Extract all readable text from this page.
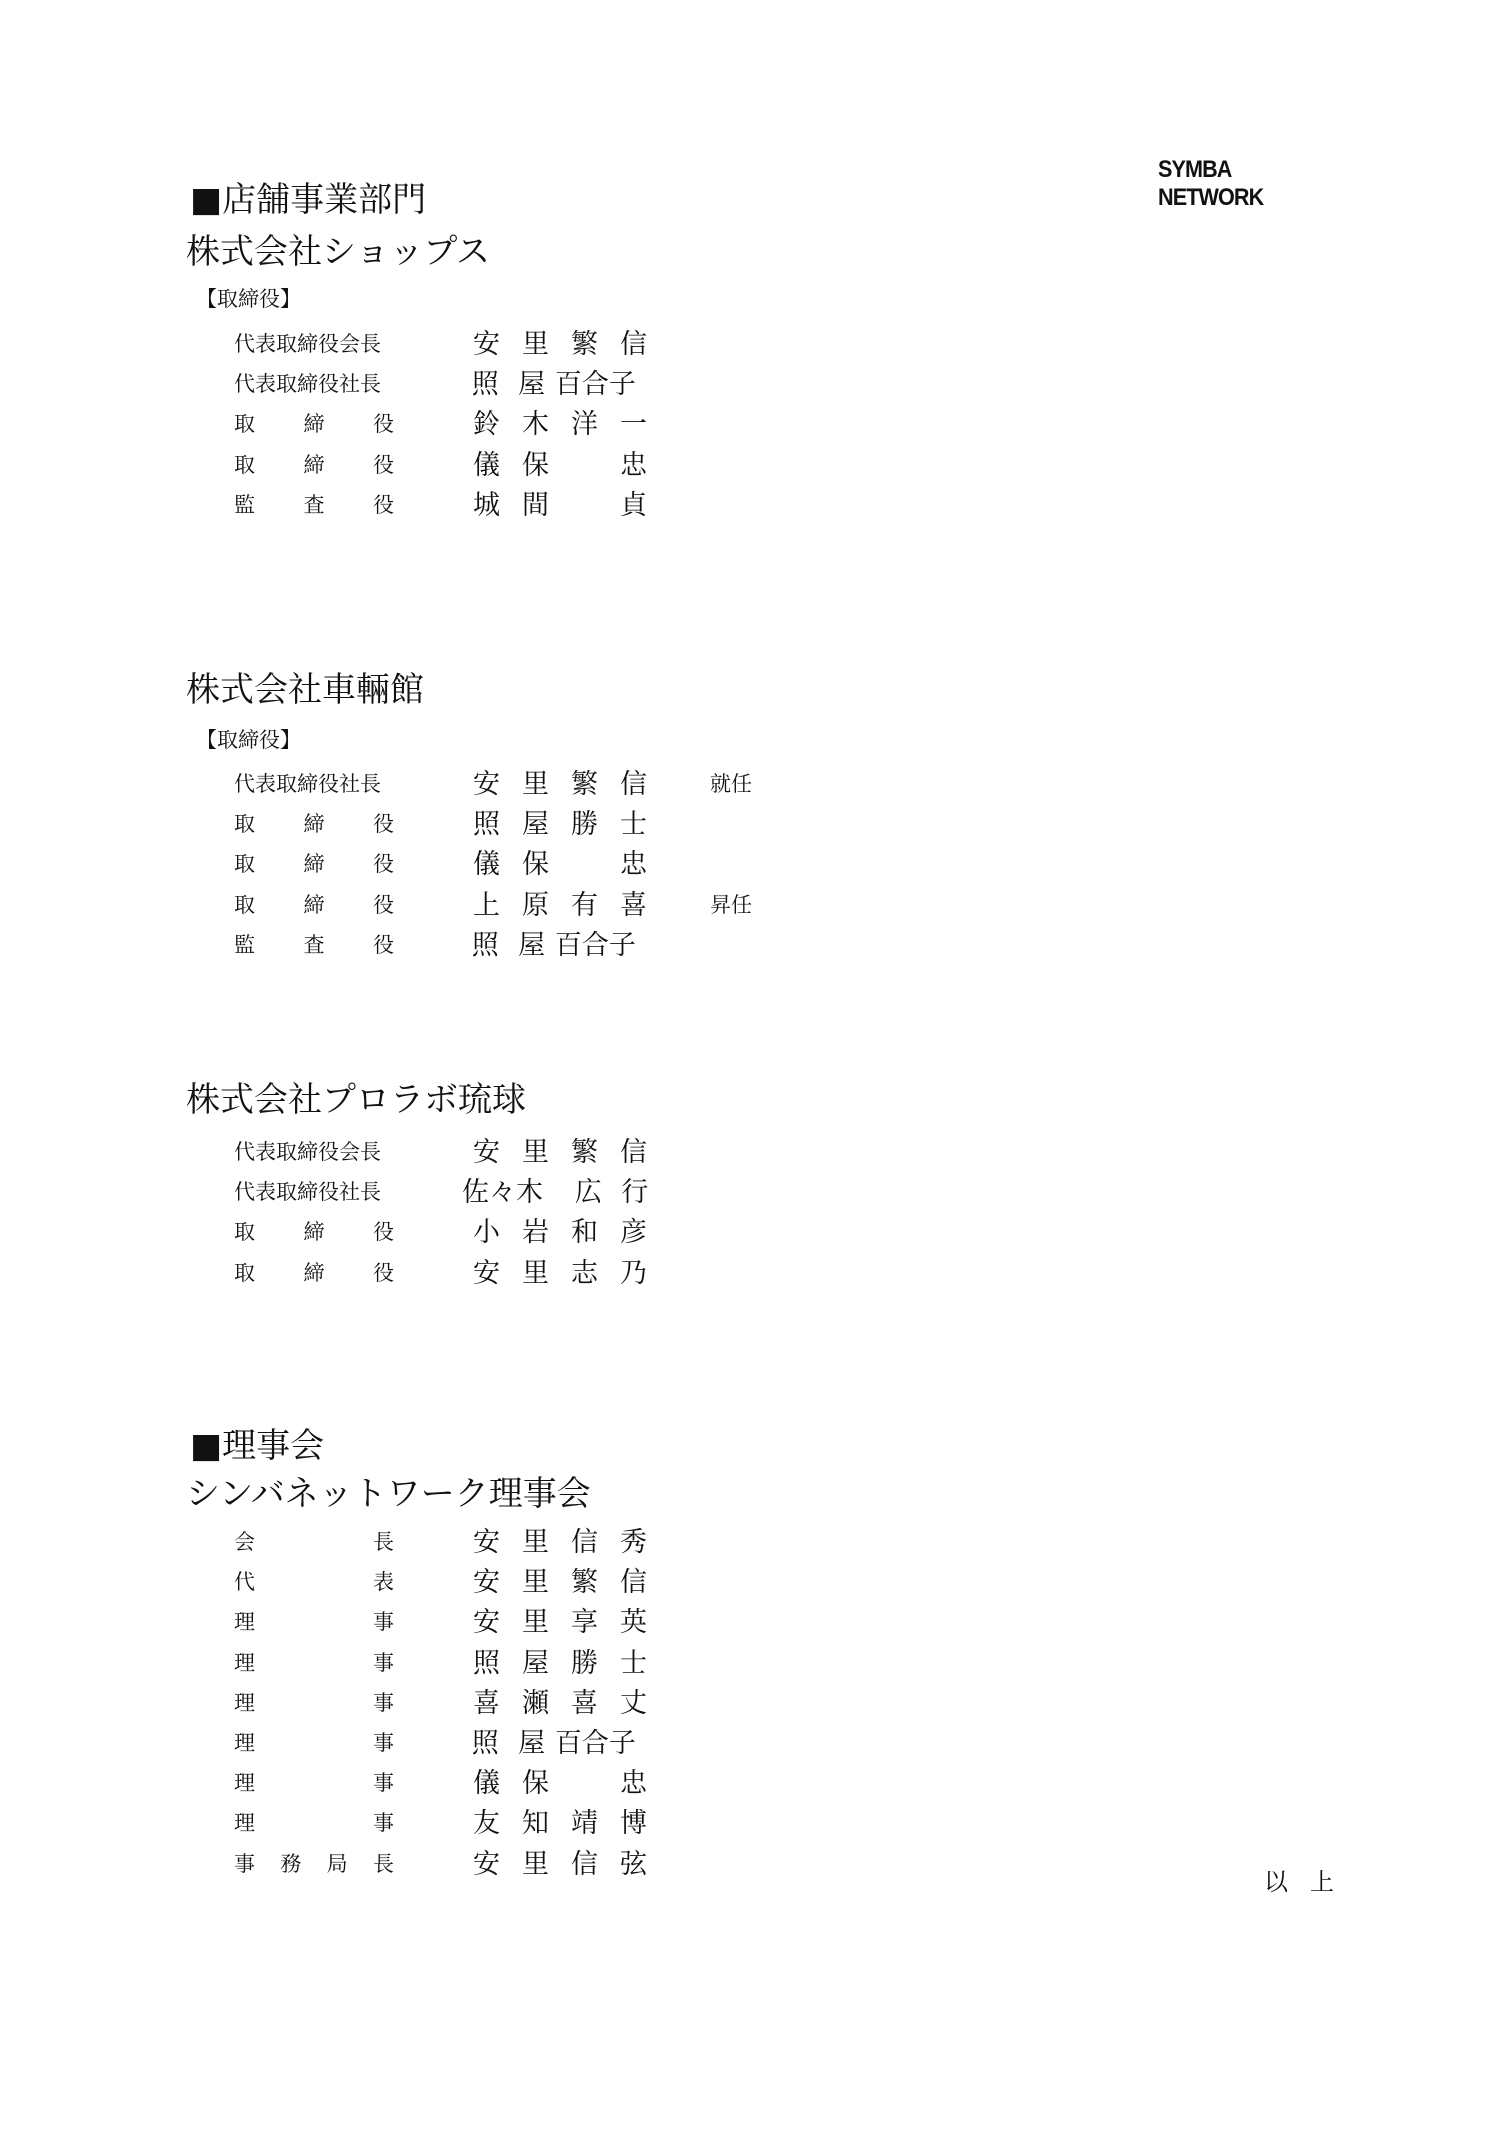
SYMBA NETWORK
■店舗事業部門
■理事会
株式会社ショップス
【取締役】
代表取締役会長	安 里 繁 信
代表取締役社長	照 屋 百合子
取 締 役	鈴 木 洋 一
取 締 役	儀 保	忠
監 査 役	城 間	貞
株式会社車輛館
【取締役】
代表取締役社長	安 里 繁 信	就任
取 締 役	照 屋 勝 士
取 締 役	儀 保	忠
取 締 役	上 原 有 喜	昇任
監 査 役	照 屋 百合子
株式会社プロラボ琉球
代表取締役会長	安 里 繁 信
代表取締役社長	佐々木	広 行
取 締 役	小 岩 和 彦
取 締 役	安 里 志 乃
シンバネットワーク理事会
会	長	安 里 信 秀
代	表	安 里 繁 信
理	事	安 里 享 英
理	事	照 屋 勝 士
理	事	喜 瀬 喜 丈
理	事	照 屋 百合子
理	事	儀 保	忠
理	事	友 知 靖 博
事 務 局 長	安 里 信 弦
以上
